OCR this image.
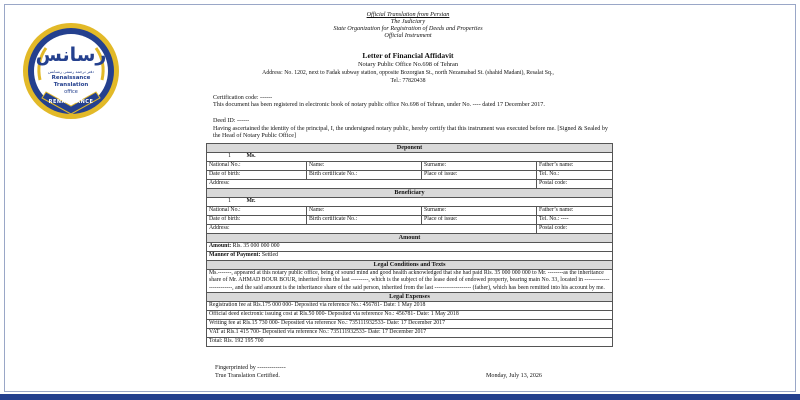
رسانس
دفتر ترجمه رسمی رنسانس
Renaissance
Translation
office
RENAISSANCE
Official Translation from Persian
The Judiciary
State Organization for Registration of Deeds and Properties
Official Instrument
Letter of Financial Affidavit
Notary Public Office No.698 of Tehran
Address: No. 1202, next to Fadak subway station, opposite Bozorgian St., north Nezamabad St. (shahid Madani), Resalat Sq.,
Tel.: 77820438
Certification code: ------
This document has been registered in electronic book of notary public office No.698 of Tehran, under No. ---- dated 17 December 2017.
Deed ID: ------
Having ascertained the identity of the principal, I, the undersigned notary public, hereby certify that this instrument was executed before me. [Signed & Sealed by the Head of Notary Public Office]
Deponent			
1 Ms.			
National No.:	Name:	Surname:	Father’s name:
Date of birth:	Birth certificate No.:	Place of issue:	Tel. No.:
Address:			Postal code:
Beneficiary			
1 Mr.			
National No.:	Name:	Surname:	Father’s name:
Date of birth:	Birth certificate No.:	Place of issue:	Tel. No.: ----
Address:			Postal code:
Amount			
Amount: Rls. 35 000 000 000			
Manner of Payment: Settled			
Legal Conditions and Texts			
Ms.-------, appeared at this notary public office, being of sound mind and good health acknowledged that she had paid Rls. 35 000 000 000 to Mr. --------as the inheritance share of Mr. AHMAD BOUR BOUR, inherited from the last ---------, which is the subject of the lease deed of endowed property, bearing main No. 33, located in -------------------------, and the said amount is the inheritance share of the said person, inherited from the last ------------------- (father), which has been remitted into his account by me.			
Legal Expenses			
Registration fee at Rls.175 000 000- Deposited via reference No.: 456781- Date: 1 May 2018			
Official deed electronic issuing cost at Rls.50 000- Deposited via reference No.: 456781- Date: 1 May 2018			
Writing fee at Rls.15 730 000- Deposited via reference No.: 735111932533- Date: 17 December 2017			
VAT at Rls.1 415 700- Deposited via reference No.: 735111932533- Date: 17 December 2017			
Total: Rls. 192 195 700			
Fingerprinted by --------------
True Translation Certified.	Monday, July 13, 2026
